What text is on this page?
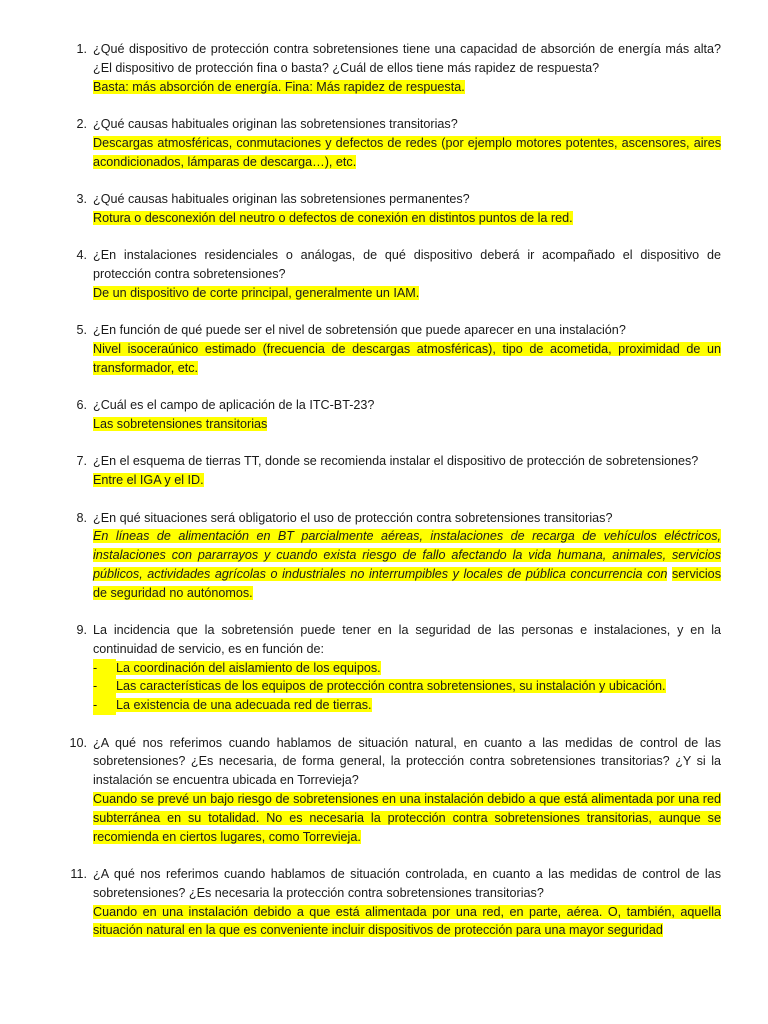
1. ¿Qué dispositivo de protección contra sobretensiones tiene una capacidad de absorción de energía más alta? ¿El dispositivo de protección fina o basta? ¿Cuál de ellos tiene más rapidez de respuesta?
Basta: más absorción de energía. Fina: Más rapidez de respuesta.
2. ¿Qué causas habituales originan las sobretensiones transitorias?
Descargas atmosféricas, conmutaciones y defectos de redes (por ejemplo motores potentes, ascensores, aires acondicionados, lámparas de descarga…), etc.
3. ¿Qué causas habituales originan las sobretensiones permanentes?
Rotura o desconexión del neutro o defectos de conexión en distintos puntos de la red.
4. ¿En instalaciones residenciales o análogas, de qué dispositivo deberá ir acompañado el dispositivo de protección contra sobretensiones?
De un dispositivo de corte principal, generalmente un IAM.
5. ¿En función de qué puede ser el nivel de sobretensión que puede aparecer en una instalación?
Nivel isoceraúnico estimado (frecuencia de descargas atmosféricas), tipo de acometida, proximidad de un transformador, etc.
6. ¿Cuál es el campo de aplicación de la ITC-BT-23?
Las sobretensiones transitorias
7. ¿En el esquema de tierras TT, donde se recomienda instalar el dispositivo de protección de sobretensiones?
Entre el IGA y el ID.
8. ¿En qué situaciones será obligatorio el uso de protección contra sobretensiones transitorias?
En líneas de alimentación en BT parcialmente aéreas, instalaciones de recarga de vehículos eléctricos, instalaciones con pararrayos y cuando exista riesgo de fallo afectando la vida humana, animales, servicios públicos, actividades agrícolas o industriales no interrumpibles y locales de pública concurrencia con servicios de seguridad no autónomos.
9. La incidencia que la sobretensión puede tener en la seguridad de las personas e instalaciones, y en la continuidad de servicio, es en función de:
-	La coordinación del aislamiento de los equipos.
-	Las características de los equipos de protección contra sobretensiones, su instalación y ubicación.
-	La existencia de una adecuada red de tierras.
10. ¿A qué nos referimos cuando hablamos de situación natural, en cuanto a las medidas de control de las sobretensiones? ¿Es necesaria, de forma general, la protección contra sobretensiones transitorias? ¿Y si la instalación se encuentra ubicada en Torrevieja?
Cuando se prevé un bajo riesgo de sobretensiones en una instalación debido a que está alimentada por una red subterránea en su totalidad. No es necesaria la protección contra sobretensiones transitorias, aunque se recomienda en ciertos lugares, como Torrevieja.
11. ¿A qué nos referimos cuando hablamos de situación controlada, en cuanto a las medidas de control de las sobretensiones? ¿Es necesaria la protección contra sobretensiones transitorias?
Cuando en una instalación debido a que está alimentada por una red, en parte, aérea. O, también, aquella situación natural en la que es conveniente incluir dispositivos de protección para una mayor seguridad
